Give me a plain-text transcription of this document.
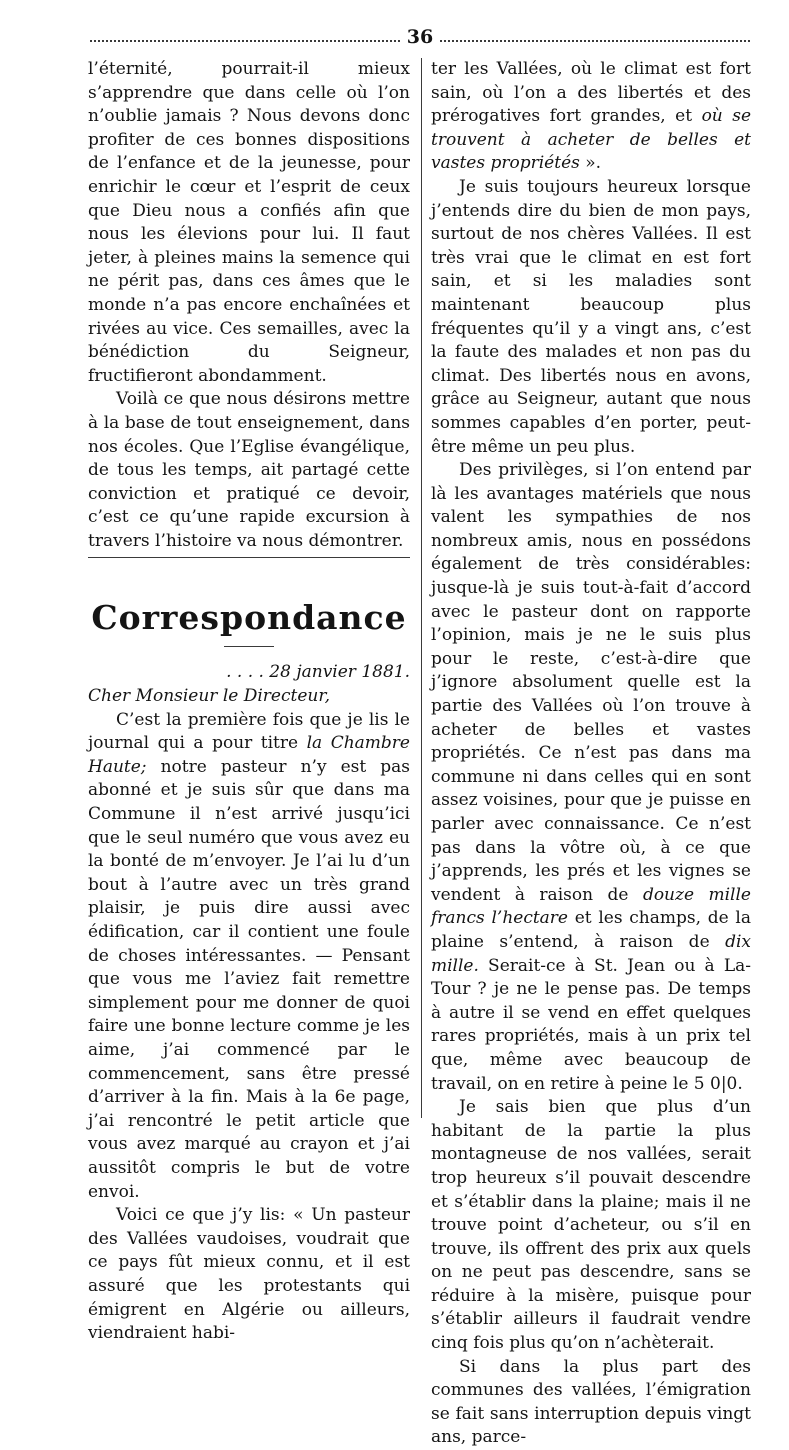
36

l’éternité, pourrait-il mieux s’apprendre que dans celle où l’on n’oublie jamais ? Nous devons donc profiter de ces bonnes dispositions de l’enfance et de la jeunesse, pour enrichir le cœur et l’esprit de ceux que Dieu nous a confiés afin que nous les élevions pour lui. Il faut jeter, à pleines mains la semence qui ne périt pas, dans ces âmes que le monde n’a pas encore enchaînées et rivées au vice. Ces semailles, avec la bénédiction du Seigneur, fructifieront abondamment.

Voilà ce que nous désirons mettre à la base de tout enseignement, dans nos écoles. Que l’Eglise évangélique, de tous les temps, ait partagé cette conviction et pratiqué ce devoir, c’est ce qu’une rapide excursion à travers l’histoire va nous démontrer.

Correspondance

. . . . 28 janvier 1881.

Cher Monsieur le Directeur,

C’est la première fois que je lis le journal qui a pour titre la Chambre Haute; notre pasteur n’y est pas abonné et je suis sûr que dans ma Commune il n’est arrivé jusqu’ici que le seul numéro que vous avez eu la bonté de m’envoyer. Je l’ai lu d’un bout à l’autre avec un très grand plaisir, je puis dire aussi avec édification, car il contient une foule de choses intéressantes. — Pensant que vous me l’aviez fait remettre simplement pour me donner de quoi faire une bonne lecture comme je les aime, j’ai commencé par le commencement, sans être pressé d’arriver à la fin. Mais à la 6e page, j’ai rencontré le petit article que vous avez marqué au crayon et j’ai aussitôt compris le but de votre envoi.

Voici ce que j’y lis: « Un pasteur des Vallées vaudoises, voudrait que ce pays fût mieux connu, et il est assuré que les protestants qui émigrent en Algérie ou ailleurs, viendraient habi-

ter les Vallées, où le climat est fort sain, où l’on a des libertés et des prérogatives fort grandes, et où se trouvent à acheter de belles et vastes propriétés ».

Je suis toujours heureux lorsque j’entends dire du bien de mon pays, surtout de nos chères Vallées. Il est très vrai que le climat en est fort sain, et si les maladies sont maintenant beaucoup plus fréquentes qu’il y a vingt ans, c’est la faute des malades et non pas du climat. Des libertés nous en avons, grâce au Seigneur, autant que nous sommes capables d’en porter, peut-être même un peu plus.

Des privilèges, si l’on entend par là les avantages matériels que nous valent les sympathies de nos nombreux amis, nous en possédons également de très considérables: jusque-là je suis tout-à-fait d’accord avec le pasteur dont on rapporte l’opinion, mais je ne le suis plus pour le reste, c’est-à-dire que j’ignore absolument quelle est la partie des Vallées où l’on trouve à acheter de belles et vastes propriétés. Ce n’est pas dans ma commune ni dans celles qui en sont assez voisines, pour que je puisse en parler avec connaissance. Ce n’est pas dans la vôtre où, à ce que j’apprends, les prés et les vignes se vendent à raison de douze mille francs l’hectare et les champs, de la plaine s’entend, à raison de dix mille. Serait-ce à St. Jean ou à La-Tour ? je ne le pense pas. De temps à autre il se vend en effet quelques rares propriétés, mais à un prix tel que, même avec beaucoup de travail, on en retire à peine le 5 0|0.

Je sais bien que plus d’un habitant de la partie la plus montagneuse de nos vallées, serait trop heureux s’il pouvait descendre et s’établir dans la plaine; mais il ne trouve point d’acheteur, ou s’il en trouve, ils offrent des prix aux quels on ne peut pas descendre, sans se réduire à la misère, puisque pour s’établir ailleurs il faudrait vendre cinq fois plus qu’on n’achèterait.

Si dans la plus part des communes des vallées, l’émigration se fait sans interruption depuis vingt ans, parce-
